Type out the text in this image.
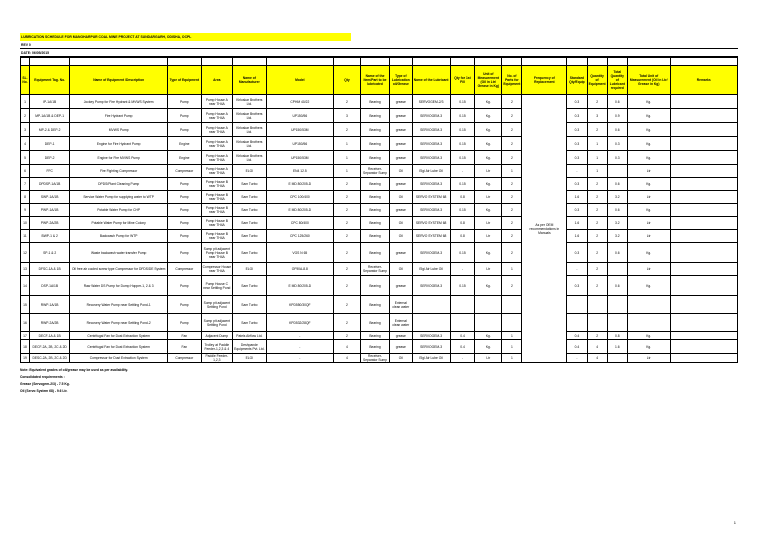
LUBRICATION SCHEDULE FOR MANOHARPUR COAL MINE PROJECT AT SUNDARGARH, ODISHA, OCPL
REV 0
DATE: 06/05/2015

SL. No.	Equipment Tag. No.	Name of Equipment /Description	Type of Equipment	Area	Name of Manufacturer	Model	Qty	Name of the Item/Part to be lubricated	Type of Lubrication oil/Grease	Name of the Lubricant	Qty for 1st Fill	Unit of Measurement (Oil in Ltr/ Grease in Kg)	No. of Parts for Equipment	Frequency of Replacement	Standard Qty/Equip	Quantity of Equipment	Total Quantity of Lubricant required	Total Unit of Measurement (Oil in Ltr/ Grease in Kg)	Remarks
1	IP-1A/1B	Jockey Pump for Fire Hydrant & MVWS System	Pump	Pump House A near TH4A	Kirloskar Brothers Ltd.	CPHM 40/22	2	Bearing	grease	SERVOGEM-2/3	0.15	Kg.	2	As per OEM recommendations in Manuals	0.3	2	0.6	Kg.	
2	MP-1A/1B & DEP-1	Fire Hydrant Pump	Pump	Pump House A near TH4A	Kirloskar Brothers Ltd.	UP150/56	3	Bearing	grease	SERVOGEM-3	0.15	Kg.	2		0.3	3	0.9	Kg.	
3	MP-2 & DEP-2	MVWS Pump	Pump	Pump House A near TH4A	Kirloskar Brothers Ltd.	UP150/53M	2	Bearing	grease	SERVOGEM-3	0.15	Kg.	2		0.3	2	0.6	Kg.	
4	DEP-1	Engine for Fire Hydrant Pump	Engine	Pump House A near TH4A	Kirloskar Brothers Ltd.	UP150/56	1	Bearing	grease	SERVOGEM-3	0.15	Kg.	2		0.3	1	0.3	Kg.	
5	DEP-2	Engine for Fire MVWS Pump	Engine	Pump House A near TH4A	Kirloskar Brothers Ltd.	UP150/53M	1	Bearing	grease	SERVOGEM-3	0.15	Kg.	2		0.3	1	0.3	Kg.	
6	FFC	Fire Fighting Compressor	Compressor	Pump House A near TH4A	ELGI	EN4 12.5	1	Receiver-Separator Sump	Oil	Elgi Air Lube Oil	-	Ltr	1		-	1		Ltr	
7	DPDSP-1A/1B	DPDS/Plant Cleaning Pump	Pump	Pump House B near TH4A	Sam Turbo	E MD 80/205-D	2	Bearing	grease	SERVOGEM-3	0.15	Kg.	2		0.3	2	0.6	Kg.	
8	SWP-1A/1B	Service Water Pump for supplying water to WTP	Pump	Pump House B near TH4A	Sam Turbo	CPC 100/400	2	Bearing	Oil	SERVO SYSTEM 68	0.8	Ltr	2		1.6	2	3.2	Ltr	
9	PWP-1A/1B	Potable Water Pump for CHP	Pump	Pump House B near TH4A	Sam Turbo	E MD 80/205-D	2	Bearing	grease	SERVOGEM-3	0.15	Kg.	2		0.3	2	0.6	Kg.	
10	PWP-2A/2B	Potable Water Pump for Mine Colony	Pump	Pump House B near TH4A	Sam Turbo	CPC 80/400	2	Bearing	Oil	SERVO SYSTEM 68	0.8	Ltr	2		1.6	2	3.2	Ltr	
11	BWP-1 & 2	Backwash Pump for WTP	Pump	Pump House B near TH4A	Sam Turbo	CPC 125/260	2	Bearing	Oil	SERVO SYSTEM 68	0.8	Ltr	2		1.6	2	3.2	Ltr	
12	SP-1 & 2	Waste backwash water transfer Pump	Pump	Sump pit adjacent Pump House B near TH4A	Sam Turbo	VGS N 65	2	Bearing	grease	SERVOGEM-3	0.15	Kg.	2		0.3	2	0.6	Kg.	
13	DFSC-1A & 1B	Oil free air cooled screw type Compressor for DFDS/DE System	Compressor	Compressor House near TH4A	ELGI	OF90A-8.8	2	Receiver-Separator Sump	Oil	Elgi Air Lube Oil	-	Ltr	1		-	2		Ltr	
14	DSP-1A/1B	Raw Water DS Pump for Dump Hopper-1, 2 & 3	Pump	Pump House C near Settling Pond	Sam Turbo	E MD 80/205-D	2	Bearing	grease	SERVOGEM-3	0.15	Kg.	2		0.3	2	0.6	Kg.	
15	RWP-1A/1B	Recovery Water Pump near Settling Pond-1	Pump	Sump pit adjacent Settling Pond	Sam Turbo	KPD550/30QF	2	Bearing	External clean water										
16	RWP-2A/2B	Recovery Water Pump near Settling Pond-2	Pump	Sump pit adjacent Settling Pond	Sam Turbo	KPD532/28QF	2	Bearing	External clean water										
17	DECF-1A & 1B	Centrifugal Fan for Dust Extraction System	Fan	Adjacent Dump	Patels Airflow Ltd.	-	2	Bearing	grease	SERVOGEM-3	0.4	Kg.	1		0.4	2	0.8	Kg.	
18	DECF-2A, 2B, 2C & 2D	Centrifugal Fan for Dust Extraction System	Fan	Trolley at Paddle Feeder-1,2,3 & 4	Deshpande Equipments Pvt. Ltd.	-	4	Bearing	grease	SERVOGEM-3	0.4	Kg.	1		0.4	4	1.6	Kg.	
19	DESC-2A, 2B, 2C & 2D	Compressor for Dust Extraction System	Compressor	Paddle Feeder-1,2,3	ELGI	-	4	Receiver-Separator Sump	Oil	Elgi Air Lube Oil	-	Ltr	1		-	4		Ltr	
Note: Equivalent grades of oil/grease may be used as per availability.
Consolidated requirements :
Grease (Servogem-2/3) - 7.5 Kg.
Oil (Servo System 68) - 9.6 Ltr.
1
